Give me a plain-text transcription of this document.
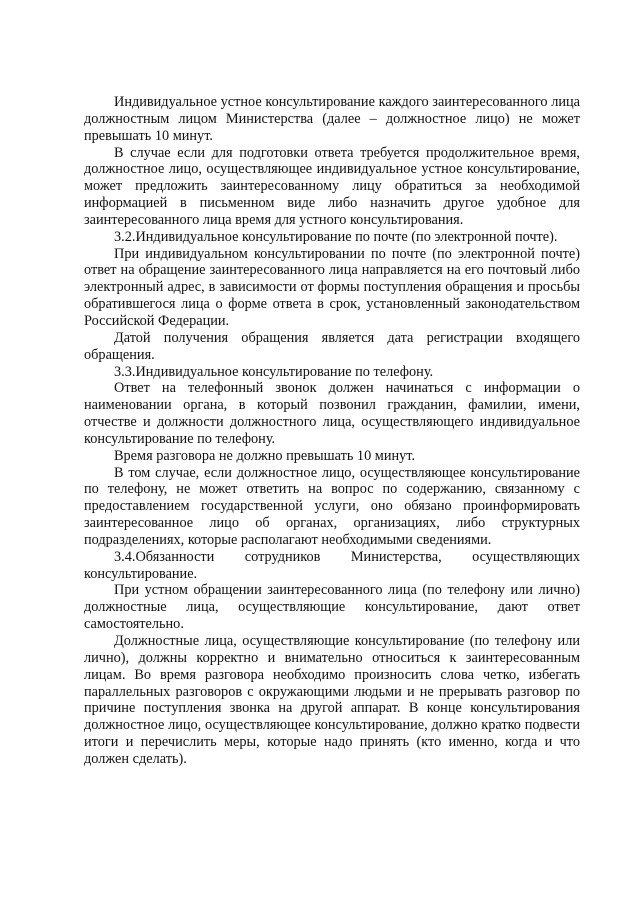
Индивидуальное устное консультирование каждого заинтересованного лица должностным лицом Министерства (далее – должностное лицо) не может превышать 10 минут.

В случае если для подготовки ответа требуется продолжительное время, должностное лицо, осуществляющее индивидуальное устное консультирование, может предложить заинтересованному лицу обратиться за необходимой информацией в письменном виде либо назначить другое удобное для заинтересованного лица время для устного консультирования.

3.2.Индивидуальное консультирование по почте (по электронной почте).

При индивидуальном консультировании по почте (по электронной почте) ответ на обращение заинтересованного лица направляется на его почтовый либо электронный адрес, в зависимости от формы поступления обращения и просьбы обратившегося лица о форме ответа в срок, установленный законодательством Российской Федерации.

Датой получения обращения является дата регистрации входящего обращения.

3.3.Индивидуальное консультирование по телефону.

Ответ на телефонный звонок должен начинаться с информации о наименовании органа, в который позвонил гражданин, фамилии, имени, отчестве и должности должностного лица, осуществляющего индивидуальное консультирование по телефону.

Время разговора не должно превышать 10 минут.

В том случае, если должностное лицо, осуществляющее консультирование по телефону, не может ответить на вопрос по содержанию, связанному с предоставлением государственной услуги, оно обязано проинформировать заинтересованное лицо об органах, организациях, либо структурных подразделениях, которые располагают необходимыми сведениями.

3.4.Обязанности сотрудников Министерства, осуществляющих консультирование.

При устном обращении заинтересованного лица (по телефону или лично) должностные лица, осуществляющие консультирование, дают ответ самостоятельно.

Должностные лица, осуществляющие консультирование (по телефону или лично), должны корректно и внимательно относиться к заинтересованным лицам. Во время разговора необходимо произносить слова четко, избегать параллельных разговоров с окружающими людьми и не прерывать разговор по причине поступления звонка на другой аппарат. В конце консультирования должностное лицо, осуществляющее консультирование, должно кратко подвести итоги и перечислить меры, которые надо принять (кто именно, когда и что должен сделать).
